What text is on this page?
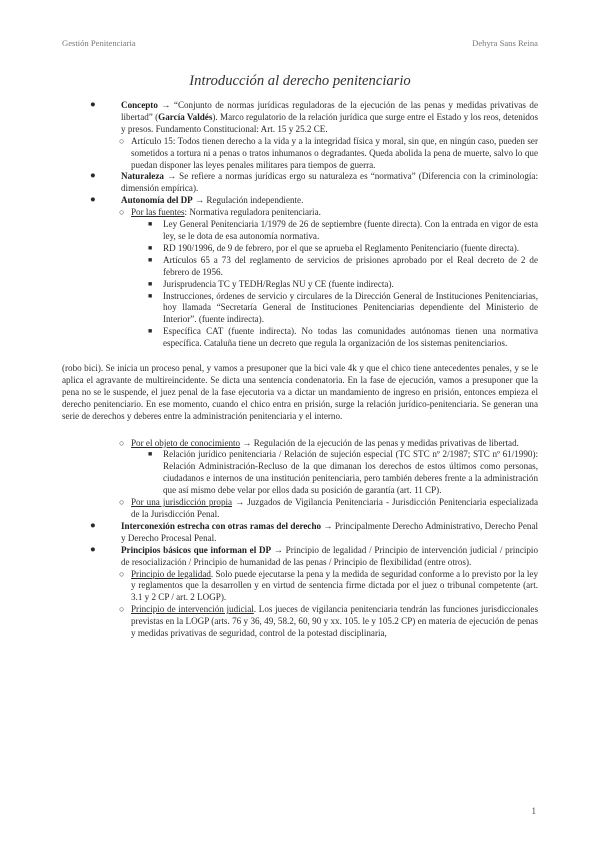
Gestión Penitenciaria	Dehyra Sans Reina
Introducción al derecho penitenciario
●	Concepto → “Conjunto de normas jurídicas reguladoras de la ejecución de las penas y medidas privativas de libertad” (García Valdés). Marco regulatorio de la relación jurídica que surge entre el Estado y los reos, detenidos y presos. Fundamento Constitucional: Art. 15 y 25.2 CE.
○ Artículo 15: Todos tienen derecho a la vida y a la integridad física y moral, sin que, en ningún caso, pueden ser sometidos a tortura ni a penas o tratos inhumanos o degradantes. Queda abolida la pena de muerte, salvo lo que puedan disponer las leyes penales militares para tiempos de guerra.
●	Naturaleza → Se refiere a normas jurídicas ergo su naturaleza es “normativa” (Diferencia con la criminología: dimensión empírica).
●	Autonomía del DP → Regulación independiente.
○ Por las fuentes: Normativa reguladora penitenciaria.
■ Ley General Penitenciaria 1/1979 de 26 de septiembre (fuente directa). Con la entrada en vigor de esta ley, se le dota de esa autonomía normativa.
■ RD 190/1996, de 9 de febrero, por el que se aprueba el Reglamento Penitenciario (fuente directa).
■ Artículos 65 a 73 del reglamento de servicios de prisiones aprobado por el Real decreto de 2 de febrero de 1956.
■ Jurisprudencia TC y TEDH/Reglas NU y CE (fuente indirecta).
■ Instrucciones, órdenes de servicio y circulares de la Dirección General de Instituciones Penitenciarias, hoy llamada “Secretaría General de Instituciones Penitenciarias dependiente del Ministerio de Interior”. (fuente indirecta).
■ Específica CAT (fuente indirecta). No todas las comunidades autónomas tienen una normativa específica. Cataluña tiene un decreto que regula la organización de los sistemas penitenciarios.

(robo bici). Se inicia un proceso penal, y vamos a presuponer que la bici vale 4k y que el chico tiene antecedentes penales, y se le aplica el agravante de multireincidente. Se dicta una sentencia condenatoria. En la fase de ejecución, vamos a presuponer que la pena no se le suspende, el juez penal de la fase ejecutoria va a dictar un mandamiento de ingreso en prisión, entonces empieza el derecho penitenciario. En ese momento, cuando el chico entra en prisión, surge la relación jurídico-penitenciaria. Se generan una serie de derechos y deberes entre la administración penitenciaria y el interno.

○ Por el objeto de conocimiento → Regulación de la ejecución de las penas y medidas privativas de libertad.
■ Relación jurídico penitenciaria / Relación de sujeción especial (TC STC nº 2/1987; STC nº 61/1990): Relación Administración-Recluso de la que dimanan los derechos de estos últimos como personas, ciudadanos e internos de una institución penitenciaria, pero también deberes frente a la administración que así mismo debe velar por ellos dada su posición de garantía (art. 11 CP).
○ Por una jurisdicción propia → Juzgados de Vigilancia Penitenciaria - Jurisdicción Penitenciaria especializada de la Jurisdicción Penal.
●	Interconexión estrecha con otras ramas del derecho → Principalmente Derecho Administrativo, Derecho Penal y Derecho Procesal Penal.
●	Principios básicos que informan el DP → Principio de legalidad / Principio de intervención judicial / principio de resocialización / Principio de humanidad de las penas / Principio de flexibilidad (entre otros).
○ Principio de legalidad. Solo puede ejecutarse la pena y la medida de seguridad conforme a lo previsto por la ley y reglamentos que la desarrollen y en virtud de sentencia firme dictada por el juez o tribunal competente (art. 3.1 y 2 CP / art. 2 LOGP).
○ Principio de intervención judicial. Los jueces de vigilancia penitenciaria tendrán las funciones jurisdiccionales previstas en la LOGP (arts. 76 y 36, 49, 58.2, 60, 90 y xx. 105. le y 105.2 CP) en materia de ejecución de penas y medidas privativas de seguridad, control de la potestad disciplinaria,
1
